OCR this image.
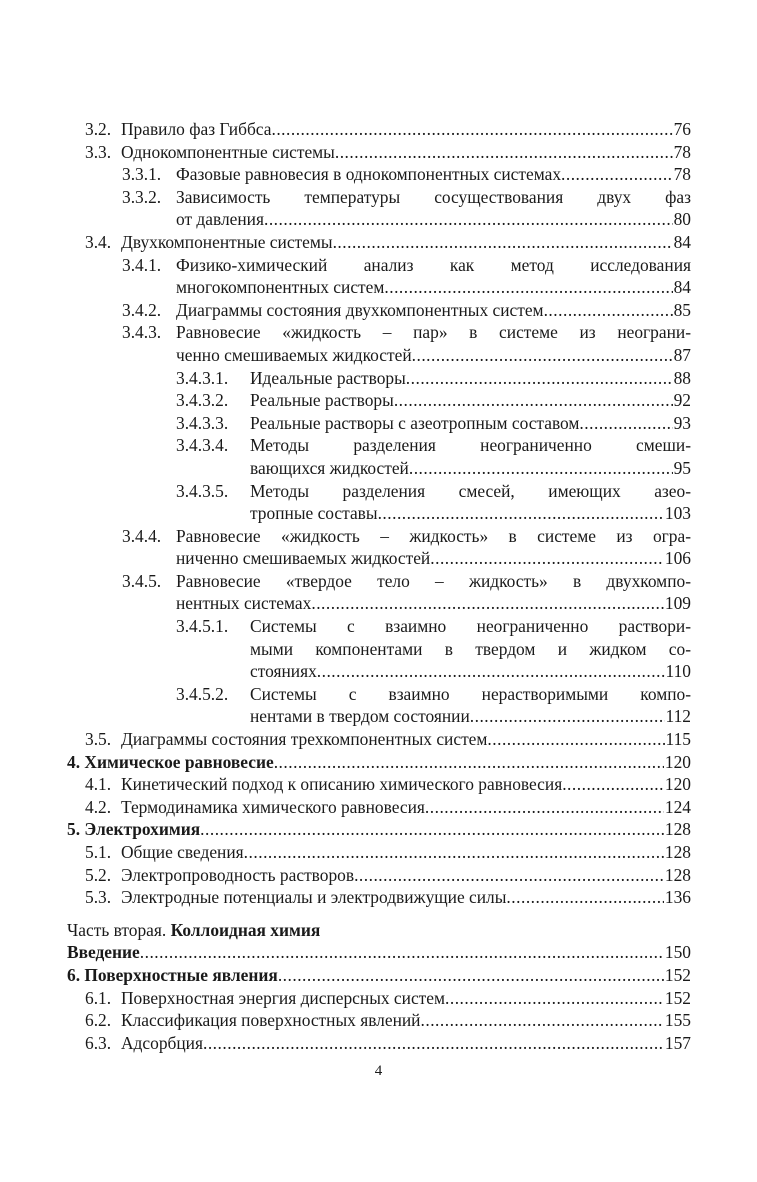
3.2. Правило фаз Гиббса .....	76
3.3. Однокомпонентные системы .....	78
3.3.1. Фазовые равновесия в однокомпонентных системах .....	78
3.3.2. Зависимость температуры сосуществования двух фаз
от давления .....	80
3.4. Двухкомпонентные системы .....	84
3.4.1. Физико-химический анализ как метод исследования
многокомпонентных систем .....	84
3.4.2. Диаграммы состояния двухкомпонентных систем .....	85
3.4.3. Равновесие «жидкость – пар» в системе из неограни-
ченно смешиваемых жидкостей .....	87
3.4.3.1. Идеальные растворы .....	88
3.4.3.2. Реальные растворы .....	92
3.4.3.3. Реальные растворы с азеотропным составом .....	93
3.4.3.4. Методы разделения неограниченно смеши-
вающихся жидкостей .....	95
3.4.3.5. Методы разделения смесей, имеющих азео-
тропные составы .....	103
3.4.4. Равновесие «жидкость – жидкость» в системе из огра-
ниченно смешиваемых жидкостей .....	106
3.4.5. Равновесие «твердое тело – жидкость» в двухкомпо-
нентных системах .....	109
3.4.5.1. Системы с взаимно неограниченно раствори-
мыми компонентами в твердом и жидком со-
стояниях .....	110
3.4.5.2. Системы с взаимно нерастворимыми компо-
нентами в твердом состоянии .....	112
3.5. Диаграммы состояния трехкомпонентных систем .....	115
4. Химическое равновесие .....	120
4.1. Кинетический подход к описанию химического равновесия .....	120
4.2. Термодинамика химического равновесия .....	124
5. Электрохимия .....	128
5.1. Общие сведения .....	128
5.2. Электропроводность растворов .....	128
5.3. Электродные потенциалы и электродвижущие силы .....	136
Часть вторая. Коллоидная химия
Введение .....	150
6. Поверхностные явления .....	152
6.1. Поверхностная энергия дисперсных систем .....	152
6.2. Классификация поверхностных явлений .....	155
6.3. Адсорбция .....	157
4
